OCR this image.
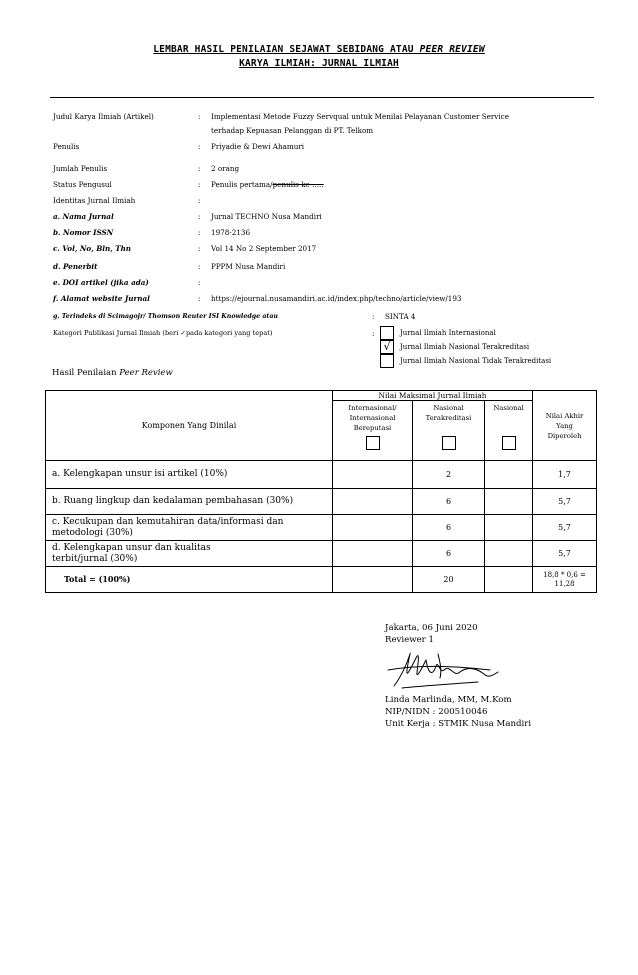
LEMBAR HASIL PENILAIAN SEJAWAT SEBIDANG ATAU PEER REVIEW
KARYA ILMIAH: JURNAL ILMIAH
Judul Karya Ilmiah (Artikel)	: Implementasi Metode Fuzzy Servqual untuk Menilai Pelayanan Customer Service
terhadap Kepuasan Pelanggan di PT. Telkom
Penulis	: Priyadie & Dewi Ahamuri
Jumlah Penulis	: 2 orang
Status Pengusul	: Penulis pertama/penulis ke .....
Identitas Jurnal Ilmiah	:
a. Nama Jurnal	: Jurnal TECHNO Nusa Mandiri
b. Nomor ISSN	: 1978-2136
c. Vol, No, Bln, Thn	: Vol 14 No 2 September 2017
d. Penerbit	: PPPM Nusa Mandiri
e. DOI artikel (jika ada)	:
f. Alamat website Jurnal	: https://ejournal.nusamandiri.ac.id/index.php/techno/article/view/193
g. Terindeks di Scimagojr/ Thomson Reuter ISI Knowledge atau	: SINTA 4
Kategori Publikasi Jurnal Ilmiah (beri ✓pada kategori yang tepat)	:	Jurnal Ilmiah Internasional
√	Jurnal Ilmiah Nasional Terakreditasi
Jurnal Ilmiah Nasional Tidak Terakreditasi
Hasil Penilaian Peer Review
Komponen Yang Dinilai	Nilai Maksimal Jurnal Ilmiah			Nilai Akhir Yang Diperoleh

	Internasional/ Internasional Bereputasi	Nasional Terakreditasi	Nasional	

a. Kelengkapan unsur isi artikel (10%)		2		1,7
b. Ruang lingkup dan kedalaman pembahasan (30%)		6		5,7
c. Kecukupan dan kemutahiran data/informasi dan metodologi (30%)		6		5,7
d. Kelengkapan unsur dan kualitas terbit/jurnal (30%)		6		5,7
Total = (100%)		20		18,8 * 0,6 = 11,28
Jakarta, 06 Juni 2020
Reviewer 1
Linda Marlinda, MM, M.Kom
NIP/NIDN : 200510046
Unit Kerja : STMIK Nusa Mandiri
